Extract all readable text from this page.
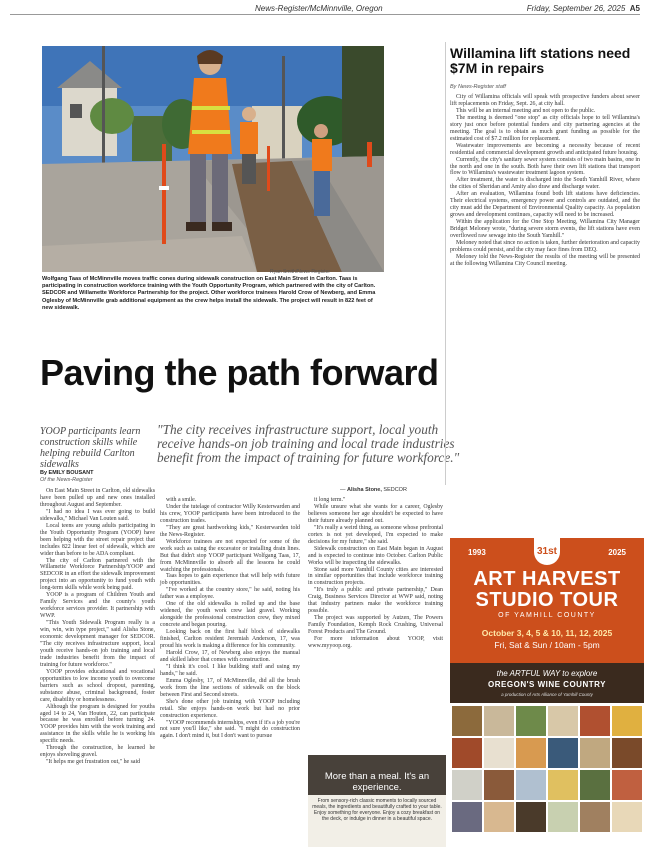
News-Register/McMinnville, Oregon	Friday, September 26, 2025 A5
Ryan Smith/News-Register
Wolfgang Taas of McMinnville moves traffic cones during sidewalk construction on East Main Street in Carlton. Taas is participating in construction workforce training with the Youth Opportunity Program, which partnered with the city of Carlton. SEDCOR and Willamette Workforce Partnership for the project. Other workforce trainees Harold Crow of Newberg, and Emma Oglesby of McMinnville grab additional equipment as the crew helps install the sidewalk. The project will result in 822 feet of new sidewalk.
Paving the path forward
YOOP participants learn construction skills while helping rebuild Carlton sidewalks
By EMILY BOUSANT
Of the News-Register
"The city receives infrastructure support, local youth receive hands-on job training and local trade industries benefit from the impact of training for future workforce."
— Alisha Stone, SEDCOR

On East Main Street in Carlton, old sidewalks have been pulled up and new ones installed throughout August and September.

"I had no idea I was ever going to build sidewalks," Michael Van Louten said.

Local teens are young adults participating in the Youth Opportunity Program (YOOP) have been helping with the street repair project that includes 822 linear feet of sidewalk, which are wider than before to be ADA compliant.

The city of Carlton partnered with the Willamette Workforce Partnership/YOOP and SEDCOR in an effort the sidewalk improvement project into an opportunity to fund youth with long-term skills while work being paid.

YOOP is a program of Children Youth and Family Services and the county's youth workforce services provider. It partnership with WWP.

"This Youth Sidewalk Program really is a win, win, win type project," said Alisha Stone, economic development manager for SEDCOR. "The city receives infrastructure support, local youth receive hands-on job training and local trade industries benefit from the impact of training for future workforce."

YOOP provides educational and vocational opportunities to low income youth to overcome barriers such as school dropout, parenting, substance abuse, criminal background, foster care, disability or homelessness.

Although the program is designed for youths aged 14 to 24, Van Houten, 22, can participate because he was enrolled before turning 24. YOOP provides him with the work training and assistance in the skills while he is working his specific needs.

Through the construction, he learned he enjoys shoveling gravel.

"It helps me get frustration out," he said

with a smile.

Under the tutelage of contractor Willy Kesterwarden and his crew, YOOP participants have been introduced to the construction trades.

"They are great hardworking kids," Kesterwarden told the News-Register.

Workforce trainees are not expected for some of the work such as using the excavator or installing drain lines. But that didn't stop YOOP participant Wolfgang Taas, 17, from McMinnville to absorb all the lessons he could watching the professionals.

Taas hopes to gain experience that will help with future job opportunities.

"I've worked at the country store," he said, noting his father was a employee.

One of the old sidewalks is rolled up and the base widened, the youth work crew laid gravel. Working alongside the professional construction crew, they mixed concrete and began pouring.

Looking back on the first half block of sidewalks finished, Carlton resident Jeremiah Anderson, 17, was proud his work is making a difference for his community.

Harold Crow, 17, of Newberg also enjoys the manual and skilled labor that comes with construction.

"I think it's cool. I like building stuff and using my hands," he said.

Emma Oglesby, 17, of McMinnville, did all the brush work from the line sections of sidewalk on the block between First and Second streets.

She's done other job training with YOOP including retail. She enjoys hands-on work but had no prior construction experience.

"YOOP recommends internships, even if it's a job you're not sure you'll like," she said. "I might do construction again. I don't mind it, but I don't want to pursue

it long term."

While unsure what she wants for a career, Oglesby believes someone her age shouldn't be expected to have their future already planned out.

"It's really a weird thing, as someone whose prefrontal cortex is not yet developed, I'm expected to make decisions for my future," she said.

Sidewalk construction on East Main began in August and is expected to continue into October. Carlton Public Works will be inspecting the sidewalks.

Stone said more Yamhill County cities are interested in similar opportunities that include workforce training in construction projects.

"It's truly a public and private partnership," Dean Craig, Business Services Director at WWP said, noting that industry partners make the workforce training possible.

The project was supported by Autzen, The Powers Family Foundation, Kemph Rock Crushing, Universal Forest Products and The Ground.

For more information about YOOP, visit www.myyoop.org.

Willamina lift stations need $7M in repairs
By News-Register staff

City of Willamina officials will speak with prospective funders about sewer lift replacements on Friday, Sept. 26, at city hall.

This will be an internal meeting and not open to the public.

The meeting is deemed "one stop" as city officials hope to tell Willamina's story just once before potential funders and city partnering agencies at the meeting. The goal is to obtain as much grant funding as possible for the estimated cost of $7.2 million for replacement.

Wastewater improvements are becoming a necessity because of recent residential and commercial development growth and anticipated future housing.

Currently, the city's sanitary sewer system consists of two main basins, one in the north and one in the south. Both have their own lift stations that transport flow to Willamina's wastewater treatment lagoon system.

After treatment, the water is discharged into the South Yamhill River, where the cities of Sheridan and Amity also draw and discharge water.

After an evaluation, Willamina found both lift stations have deficiencies. Their electrical systems, emergency power and controls are outdated, and the city must add the Department of Environmental Quality capacity. As population grows and development continues, capacity will need to be increased.

Within the application for the One Stop Meeting, Willamina City Manager Bridget Meloney wrote, "during severe storm events, the lift stations have even overflowed raw sewage into the South Yamhill."

Meloney noted that since no action is taken, further deterioration and capacity problems could persist, and the city may face fines from DEQ.

Meloney told the News-Register the results of the meeting will be presented at the following Willamina City Council meeting.

1993	2025
31st
ART HARVEST
STUDIO TOUR
OF YAMHILL COUNTY
October 3, 4, 5 & 10, 11, 12, 2025
Fri, Sat & Sun / 10am - 5pm
the ARTFUL WAY to explore
OREGON'S WINE COUNTRY
a production of Arts Alliance of Yamhill County
More than a meal. It's an experience.
From sensory-rich classic moments to locally sourced meals, the ingredients and beautifully crafted to your table. Enjoy something for everyone. Enjoy a cozy breakfast on the deck, or indulge in dinner in a beautiful space.
